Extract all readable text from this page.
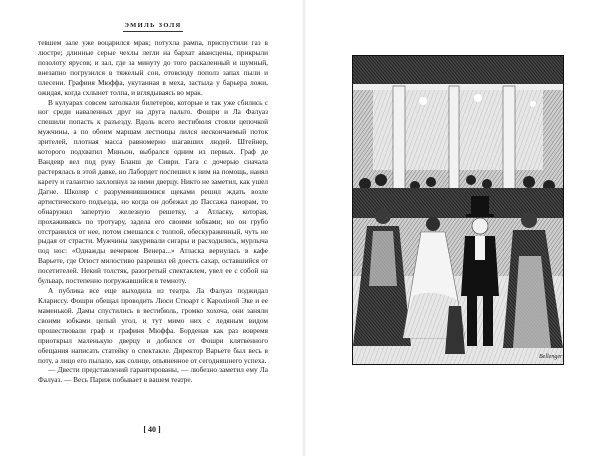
ЭМИЛЬ ЗОЛЯ

тевшем зале уже воцарился мрак; потухла рампа, приспустили газ в люстре; длинные серые чехлы легли на бархат авансцены, прикрыли позолоту ярусов; и зал, где за минуту до того раскаленный и шумный, внезапно погрузился в тяжелый сон, отовсюду пополз запах пыли и плесени. Графиня Мюффа, укутанная в меха, застыла у барьера ложи, ожидая, когда схлынет толпа, и вглядываясь во мрак.

В кулуарах совсем затолкали билетеров, которые и так уже сбились с ног среди наваленных друг на друга пальто. Фошри и Ла Фалуаз спешили попасть к разъезду. Вдоль всего вестибюля стояли цепочкой мужчины, а по обоим маршам лестницы лился нескончаемый поток зрителей, плотная масса равномерно шагавших людей. Штейнер, которого подхватил Миньон, выбрался одним из первых. Граф де Вандевр вел под руку Бланш де Сиври. Гага с дочерью сначала растерялась в этой давке, но Лабордет поспешил к ним на помощь, нанял карету и галантно захлопнул за ними дверцу. Никто не заметил, как ушел Дагне. Школяр с разрумянившимися щеками решил ждать возле артистического подъезда, но когда он добежал до Пассажа панорам, то обнаружил запертую железную решетку, а Атласку, которая, прохаживаясь по тротуару, задела его своими юбками; но он грубо отстранился от нее, потом смешался с толпой, обескураженный, чуть не рыдая от страсти. Мужчины закуривали сигары и расходились, мурлыча под нос: «Однажды вечерком Венера...» Атласка вернулась в кафе Варьете, где Огюст милостиво разрешил ей доесть сахар, оставшийся от посетителей. Некий толстяк, разогретый спектаклем, увел ее с собой на бульвар, постепенно погружавшийся в темноту.

А публика все еще выходила из театра. Ла Фалуаз поджидал Клариссу. Фошри обещал проводить Люси Стюарт с Кароліной Эке и ее маменькой. Дамы спустились в вестибюль, громко хохоча, они заняли своими юбками целый угол, и тут мимо них с ледяным видом прошествовали граф и графиня Мюффа. Борденав как раз вовремя приоткрыл маленькую дверцу и добился от Фошри клятвенного обещания написать статейку о спектакле. Директор Варьете был весь в поту, а лицо его пылало, как солнце, опьяненное от сегодняшнего успеха.

— Двести представлений гарантированы, — любезно заметил ему Ла Фалуаз. — Весь Париж побывает в вашем театре.

[ 40 ]
Bellenger
